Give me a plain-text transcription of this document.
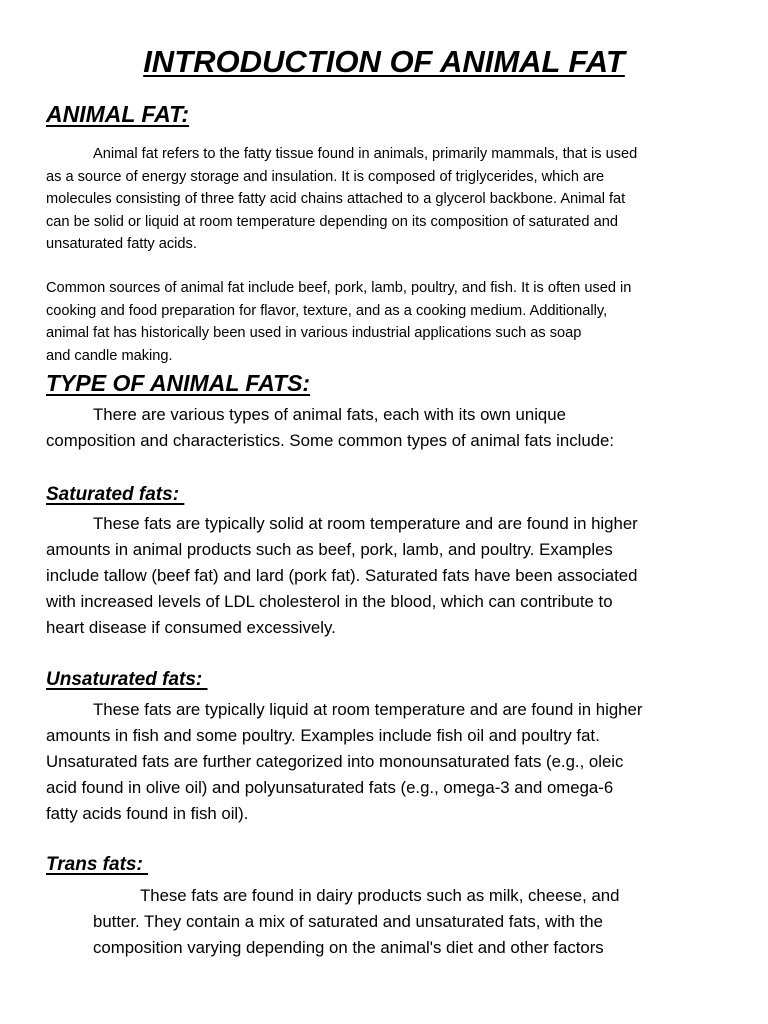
INTRODUCTION OF ANIMAL FAT
ANIMAL FAT:

Animal fat refers to the fatty tissue found in animals, primarily mammals, that is used
as a source of energy storage and insulation. It is composed of triglycerides, which are
molecules consisting of three fatty acid chains attached to a glycerol backbone. Animal fat
can be solid or liquid at room temperature depending on its composition of saturated and
unsaturated fatty acids.

Common sources of animal fat include beef, pork, lamb, poultry, and fish. It is often used in
cooking and food preparation for flavor, texture, and as a cooking medium. Additionally,
animal fat has historically been used in various industrial applications such as soap
and candle making.

TYPE OF ANIMAL FATS:

There are various types of animal fats, each with its own unique
composition and characteristics. Some common types of animal fats include:

Saturated fats:

These fats are typically solid at room temperature and are found in higher
amounts in animal products such as beef, pork, lamb, and poultry. Examples
include tallow (beef fat) and lard (pork fat). Saturated fats have been associated
with increased levels of LDL cholesterol in the blood, which can contribute to
heart disease if consumed excessively.

Unsaturated fats:

These fats are typically liquid at room temperature and are found in higher
amounts in fish and some poultry. Examples include fish oil and poultry fat.
Unsaturated fats are further categorized into monounsaturated fats (e.g., oleic
acid found in olive oil) and polyunsaturated fats (e.g., omega-3 and omega-6
fatty acids found in fish oil).

Trans fats:

These fats are found in dairy products such as milk, cheese, and
butter. They contain a mix of saturated and unsaturated fats, with the
composition varying depending on the animal's diet and other factors
